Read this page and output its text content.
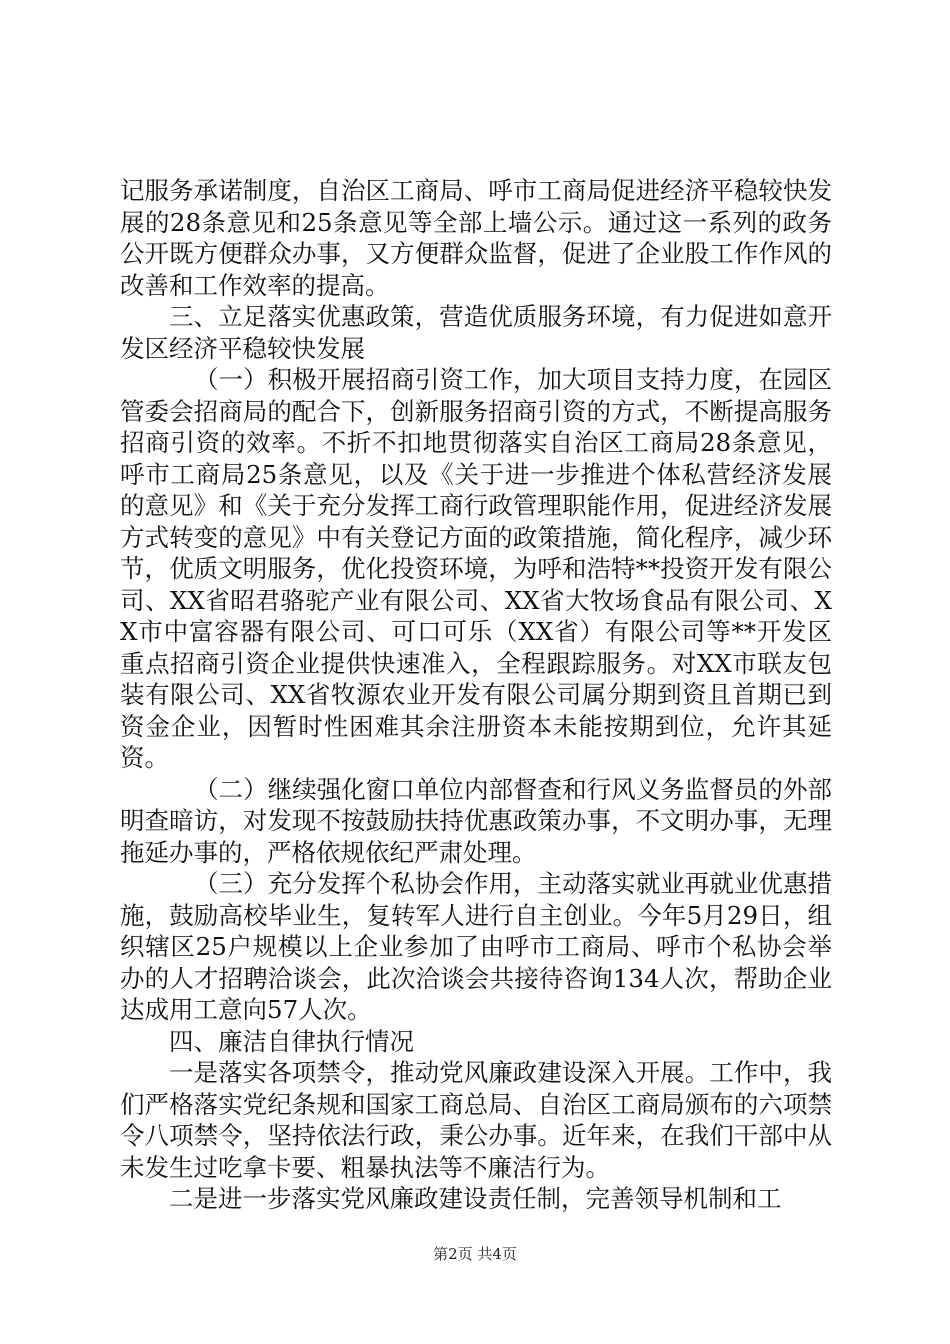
记服务承诺制度，自治区工商局、呼市工商局促进经济平稳较快发展的28条意见和25条意见等全部上墙公示。通过这一系列的政务公开既方便群众办事，又方便群众监督，促进了企业股工作作风的改善和工作效率的提高。

三、立足落实优惠政策，营造优质服务环境，有力促进如意开发区经济平稳较快发展

（一）积极开展招商引资工作，加大项目支持力度，在园区管委会招商局的配合下，创新服务招商引资的方式，不断提高服务招商引资的效率。不折不扣地贯彻落实自治区工商局28条意见，呼市工商局25条意见，以及《关于进一步推进个体私营经济发展的意见》和《关于充分发挥工商行政管理职能作用，促进经济发展方式转变的意见》中有关登记方面的政策措施，简化程序，减少环节，优质文明服务，优化投资环境，为呼和浩特**投资开发有限公司、XX省昭君骆驼产业有限公司、XX省大牧场食品有限公司、XX市中富容器有限公司、可口可乐（XX省）有限公司等**开发区重点招商引资企业提供快速准入，全程跟踪服务。对XX市联友包装有限公司、XX省牧源农业开发有限公司属分期到资且首期已到资金企业，因暂时性困难其余注册资本未能按期到位，允许其延资。

（二）继续强化窗口单位内部督查和行风义务监督员的外部明查暗访，对发现不按鼓励扶持优惠政策办事，不文明办事，无理拖延办事的，严格依规依纪严肃处理。

（三）充分发挥个私协会作用，主动落实就业再就业优惠措施，鼓励高校毕业生，复转军人进行自主创业。今年5月29日，组织辖区25户规模以上企业参加了由呼市工商局、呼市个私协会举办的人才招聘洽谈会，此次洽谈会共接待咨询134人次，帮助企业达成用工意向57人次。

四、廉洁自律执行情况

一是落实各项禁令，推动党风廉政建设深入开展。工作中，我们严格落实党纪条规和国家工商总局、自治区工商局颁布的六项禁令八项禁令，坚持依法行政，秉公办事。近年来，在我们干部中从未发生过吃拿卡要、粗暴执法等不廉洁行为。

二是进一步落实党风廉政建设责任制，完善领导机制和工

第2页 共4页
